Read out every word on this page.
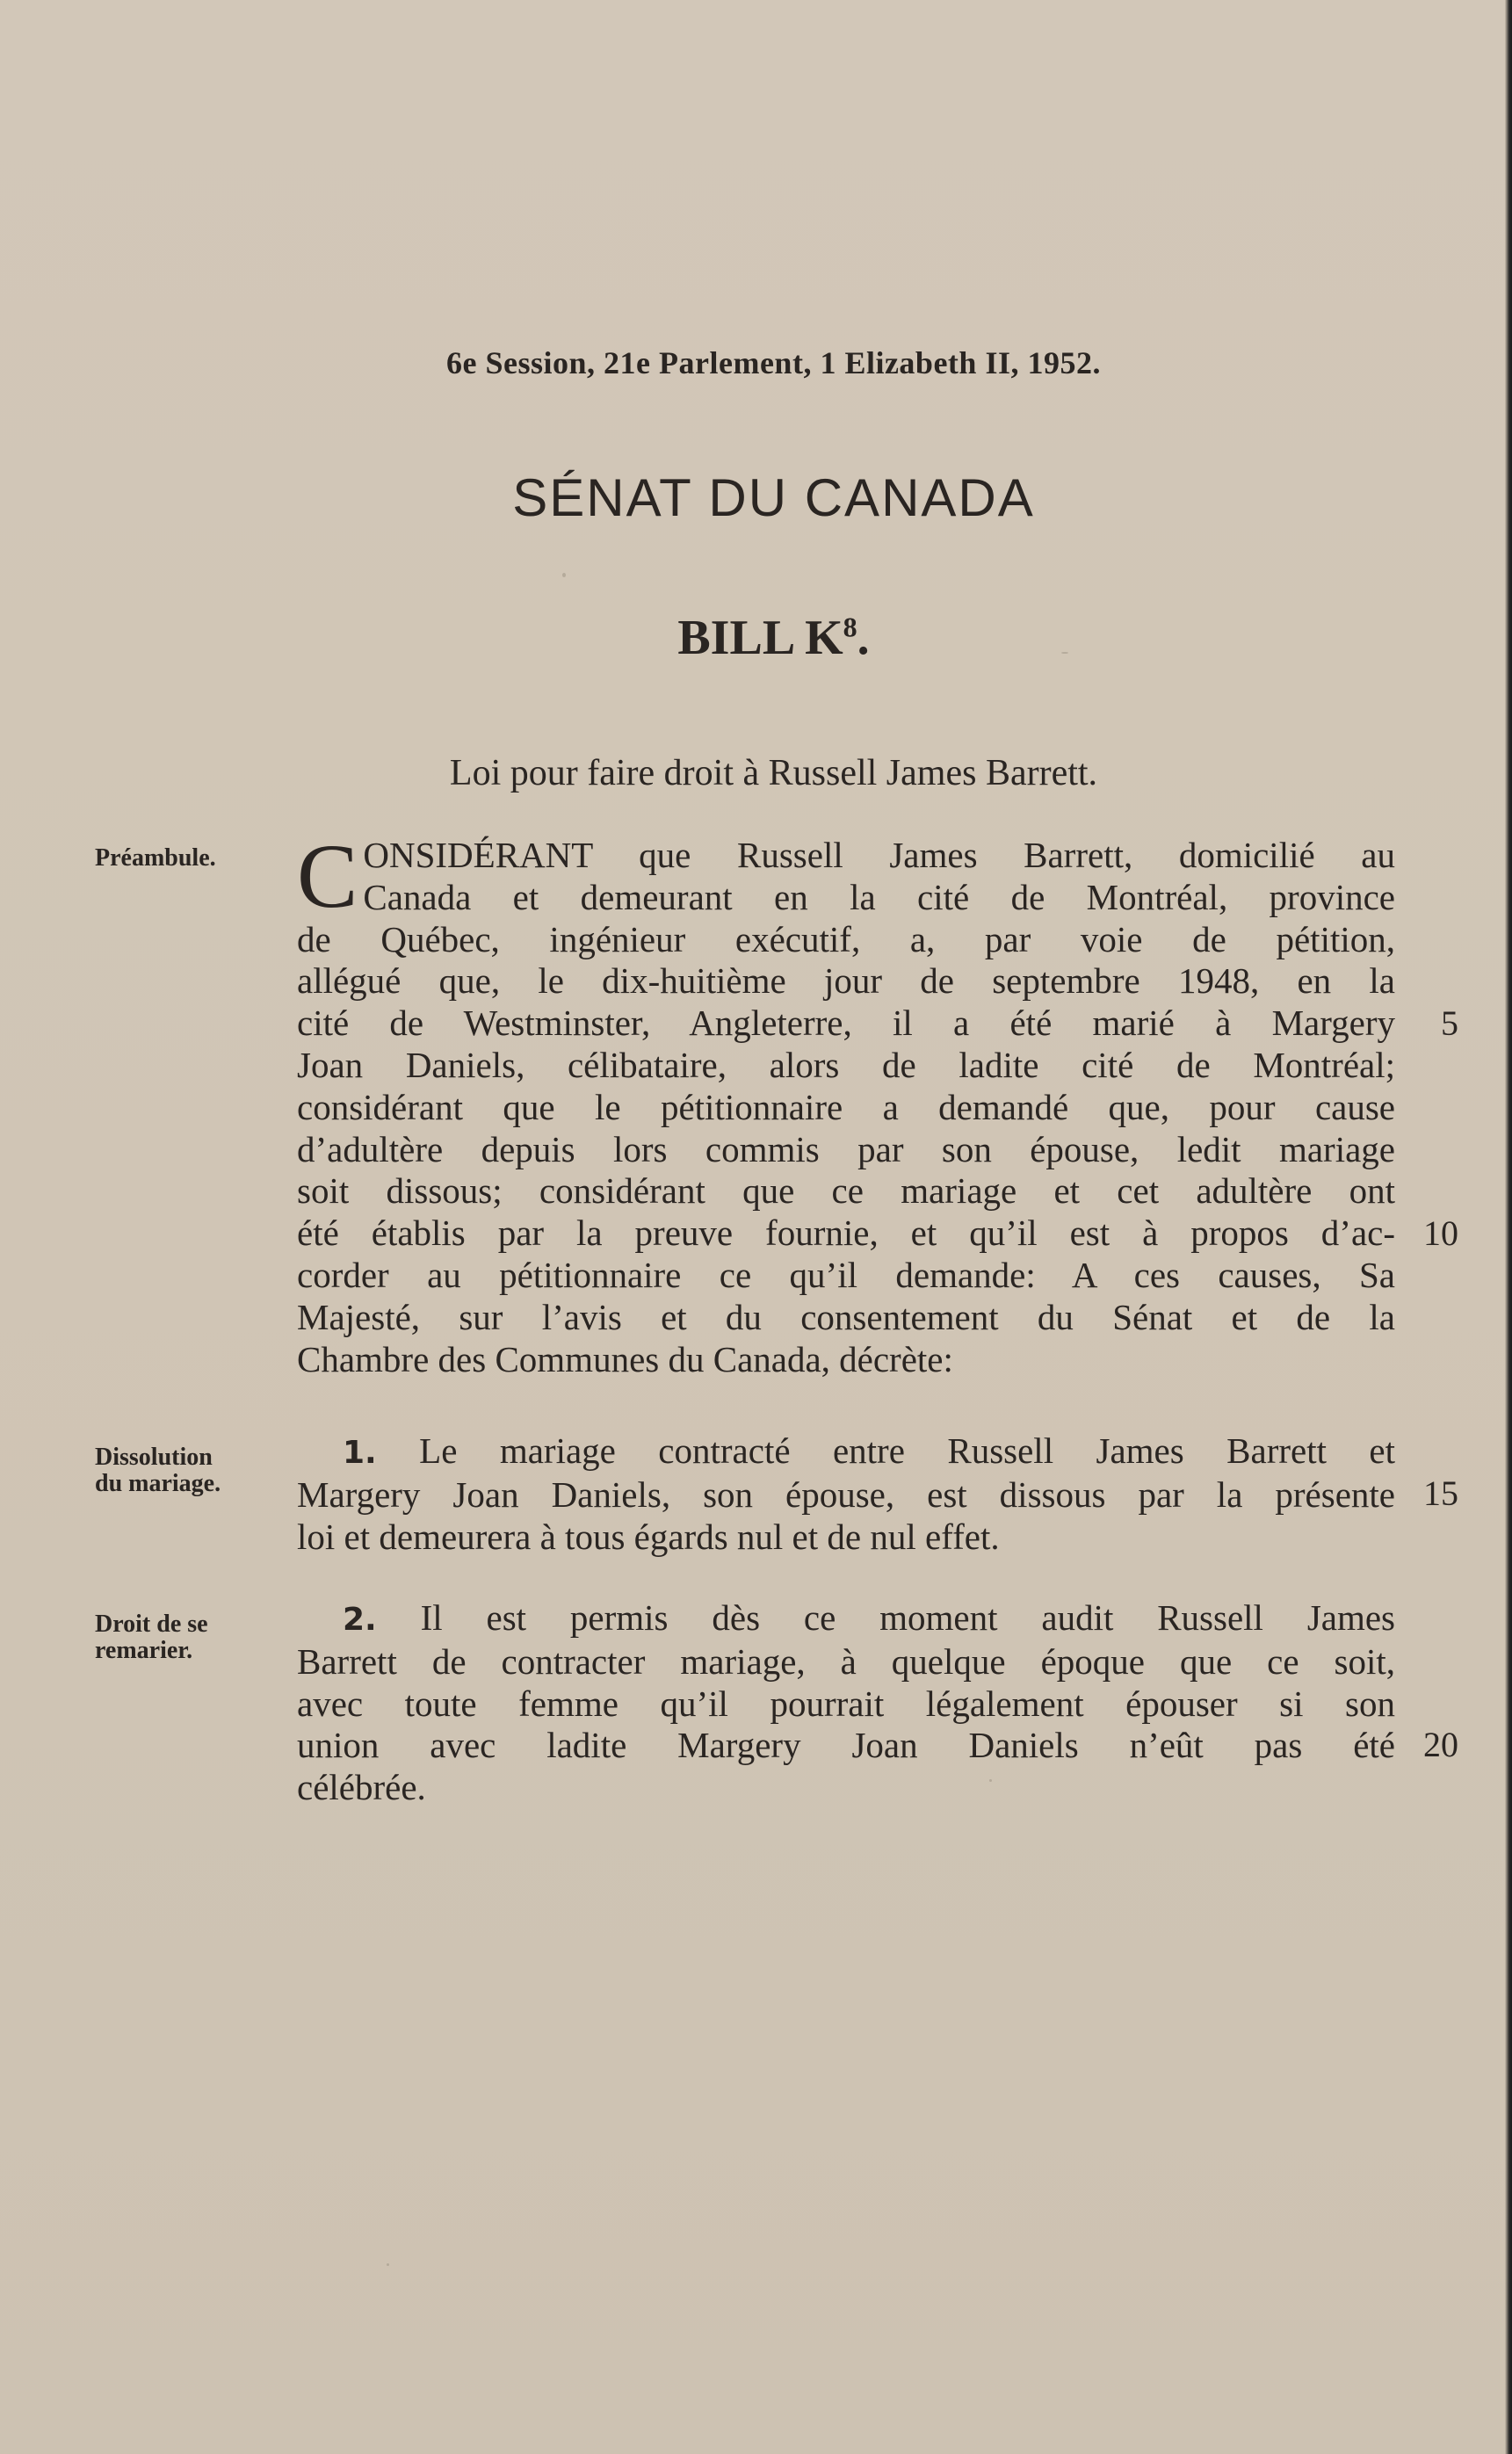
6e Session, 21e Parlement, 1 Elizabeth II, 1952.
SÉNAT DU CANADA
BILL $K^8$.
Loi pour faire droit à Russell James Barrett.
Préambule.
Dissolution
du mariage.
Droit de se
remarier.
C ONSIDÉRANT que Russell James Barrett, domicilié au
Canada et demeurant en la cité de Montréal, province
de Québec, ingénieur exécutif, a, par voie de pétition,
allégué que, le dix-huitième jour de septembre 1948, en la
cité de Westminster, Angleterre, il a été marié à Margery
Joan Daniels, célibataire, alors de ladite cité de Montréal;
considérant que le pétitionnaire a demandé que, pour cause
d’adultère depuis lors commis par son épouse, ledit mariage
soit dissous; considérant que ce mariage et cet adultère ont
été établis par la preuve fournie, et qu’il est à propos d’ac-
corder au pétitionnaire ce qu’il demande: A ces causes, Sa
Majesté, sur l’avis et du consentement du Sénat et de la
Chambre des Communes du Canada, décrète:
1. Le mariage contracté entre Russell James Barrett et
Margery Joan Daniels, son épouse, est dissous par la présente
loi et demeurera à tous égards nul et de nul effet.
2. Il est permis dès ce moment audit Russell James
Barrett de contracter mariage, à quelque époque que ce soit,
avec toute femme qu’il pourrait légalement épouser si son
union avec ladite Margery Joan Daniels n’eût pas été
célébrée.
5
10
15
20
